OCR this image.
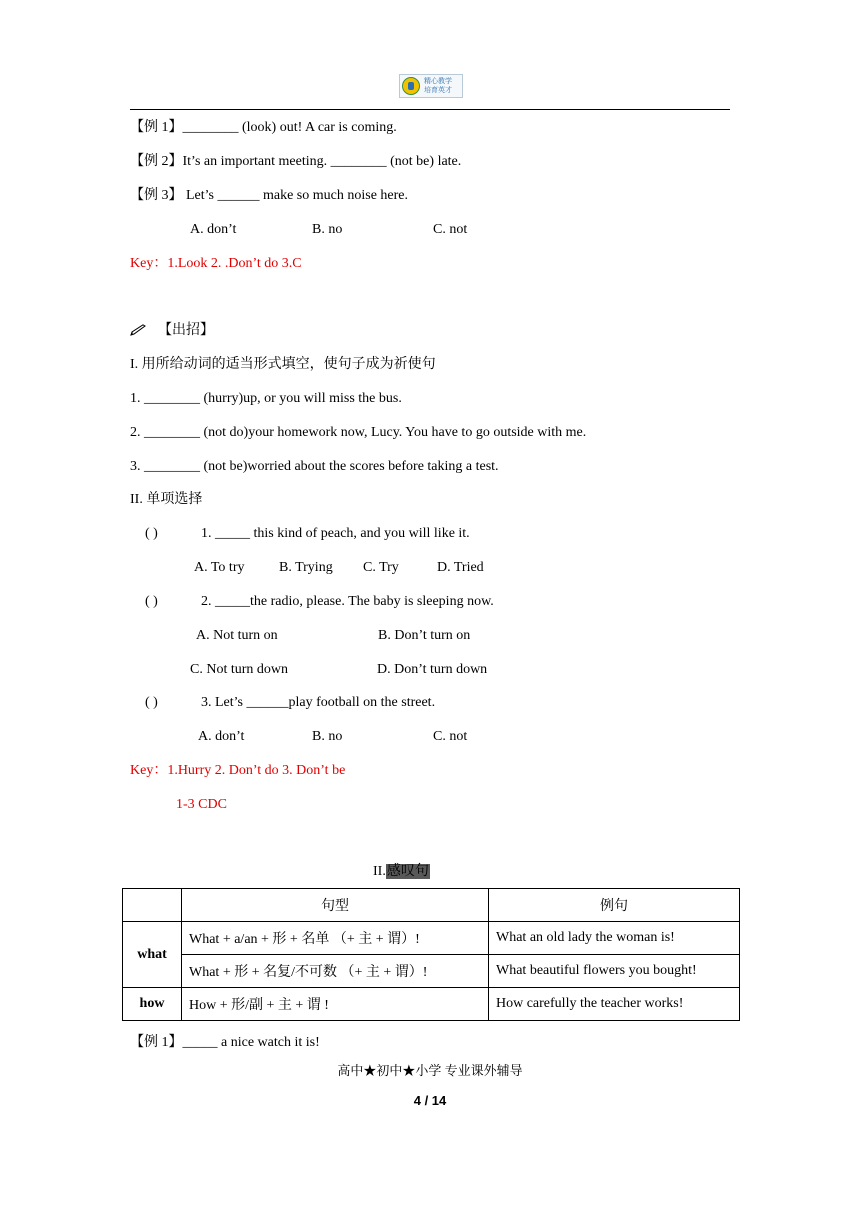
精心教学
培育英才
【例 1】________ (look) out! A car is coming.
【例 2】It’s an important meeting. ________ (not be) late.
【例 3】 Let’s ______ make so much noise here.
A. don’t	B. no	C. not
Key：1.Look 2. .Don’t do 3.C
【出招】
I. 用所给动词的适当形式填空，使句子成为祈使句
1. ________ (hurry)up, or you will miss the bus.
2. ________ (not do)your homework now, Lucy. You have to go outside with me.
3. ________ (not be)worried about the scores before taking a test.
II. 单项选择
( )	1. _____ this kind of peach, and you will like it.
A. To try B. Trying C. Try	D. Tried
( )	2. _____the radio, please. The baby is sleeping now.
A. Not turn on	B. Don’t turn on
C. Not turn down	D. Don’t turn down
( )	3. Let’s ______play football on the street.
A. don’t	B. no	C. not
Key：1.Hurry 2. Don’t do 3. Don’t be
1-3 CDC
II.感叹句
	句型	例句
what	What + a/an + 形 + 名单 （+ 主 + 谓）!	What an old lady the woman is!
	What + 形 + 名复/不可数 （+ 主 + 谓）!	What beautiful flowers you bought!
how	How + 形/副 + 主 + 谓 !	How carefully the teacher works!
【例 1】_____ a nice watch it is!
高中★初中★小学 专业课外辅导
4 / 14
